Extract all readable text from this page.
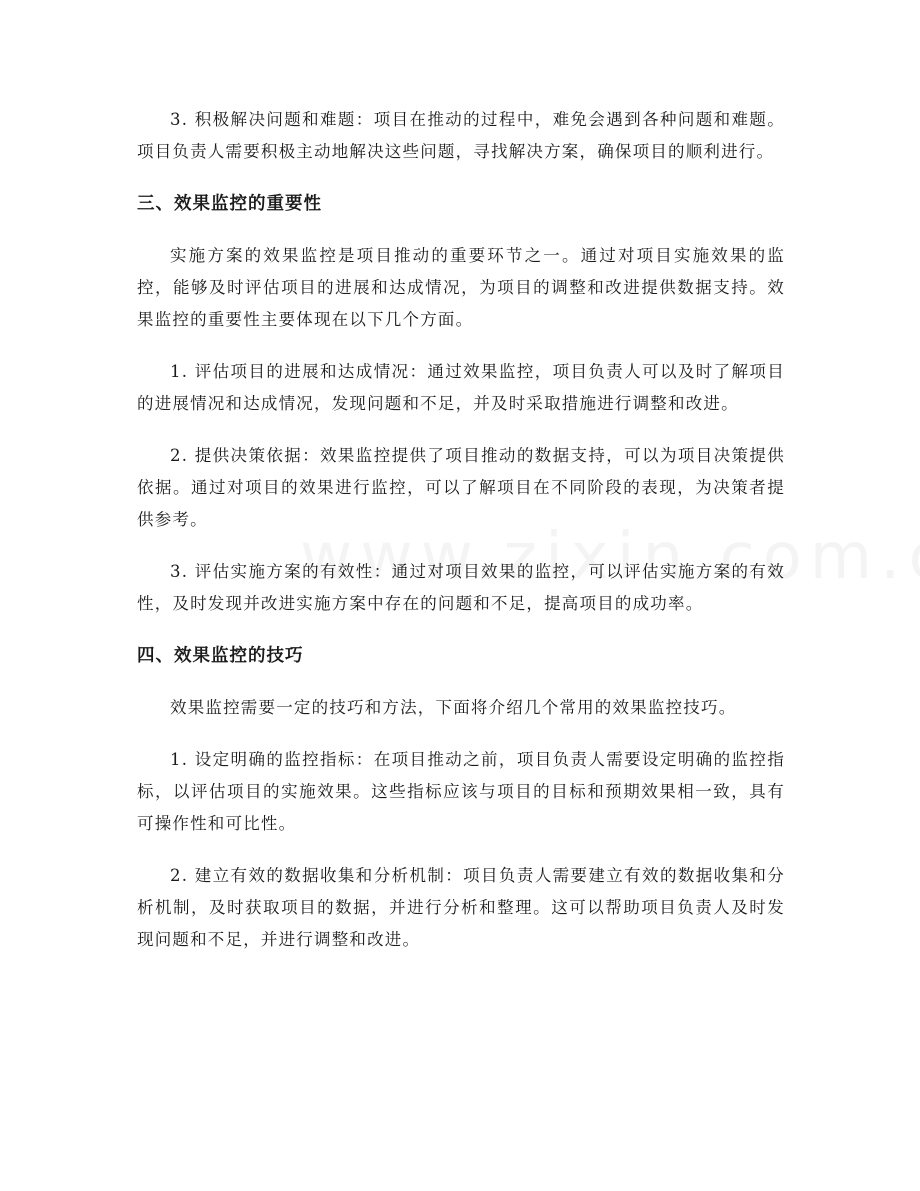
3. 积极解决问题和难题：项目在推动的过程中，难免会遇到各种问题和难题。项目负责人需要积极主动地解决这些问题，寻找解决方案，确保项目的顺利进行。

三、效果监控的重要性

实施方案的效果监控是项目推动的重要环节之一。通过对项目实施效果的监控，能够及时评估项目的进展和达成情况，为项目的调整和改进提供数据支持。效果监控的重要性主要体现在以下几个方面。

1. 评估项目的进展和达成情况：通过效果监控，项目负责人可以及时了解项目的进展情况和达成情况，发现问题和不足，并及时采取措施进行调整和改进。

2. 提供决策依据：效果监控提供了项目推动的数据支持，可以为项目决策提供依据。通过对项目的效果进行监控，可以了解项目在不同阶段的表现，为决策者提供参考。

3. 评估实施方案的有效性：通过对项目效果的监控，可以评估实施方案的有效性，及时发现并改进实施方案中存在的问题和不足，提高项目的成功率。

四、效果监控的技巧

效果监控需要一定的技巧和方法，下面将介绍几个常用的效果监控技巧。

1. 设定明确的监控指标：在项目推动之前，项目负责人需要设定明确的监控指标，以评估项目的实施效果。这些指标应该与项目的目标和预期效果相一致，具有可操作性和可比性。

2. 建立有效的数据收集和分析机制：项目负责人需要建立有效的数据收集和分析机制，及时获取项目的数据，并进行分析和整理。这可以帮助项目负责人及时发现问题和不足，并进行调整和改进。
